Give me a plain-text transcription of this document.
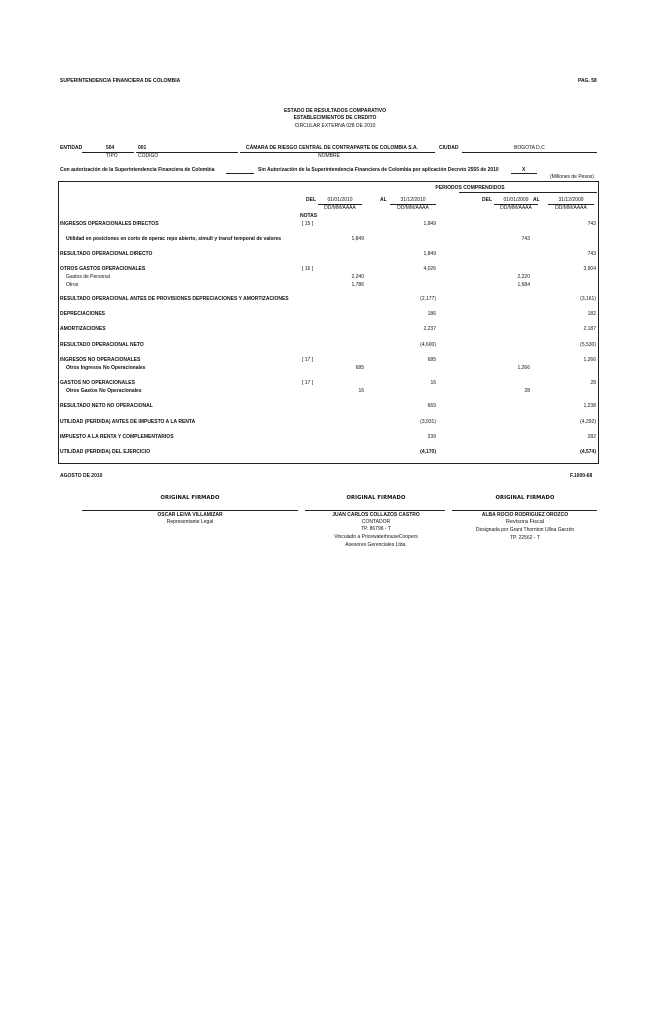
SUPERINTENDENCIA FINANCIERA DE COLOMBIA	PAG. 58
ESTADO DE RESULTADOS COMPARATIVO
ESTABLECIMIENTOS DE CREDITO
CIRCULAR EXTERNA 028 DE 2010
ENTIDAD	504	001	CÁMARA DE RIESGO CENTRAL DE CONTRAPARTE DE COLOMBIA S.A.	CIUDAD	BOGOTA D.C
TIPO	CODIGO	NOMBRE
Con autorización de la Superintendencia Financiera de Colombia	Sin Autorización de la Superintendencia Financiera de Colombia por aplicación Decreto 2555 de 2010	X
(Millones de Pesos)
PERIODOS COMPRENDIDOS
DEL	01/01/2010	AL	31/12/2010	DEL	01/01/2009 AL	31/12/2009
DD/MM/AAAA	DD/MM/AAAA	DD/MM/AAAA	DD/MM/AAAA
NOTAS
INGRESOS OPERACIONALES DIRECTOS	[ 15 ]	1,849	743
Utilidad en posiciones en corto de operac repo abierto, simult y transf temporal de valores	1,849	743
RESULTADO OPERACIONAL DIRECTO	1,849	743
OTROS GASTOS OPERACIONALES	[ 16 ]	4,026	3,904
Gastos de Personal	2,240	2,220
Otros	1,786	1,684
RESULTADO OPERACIONAL ANTES DE PROVISIONES DEPRECIACIONES Y AMORTIZACIONES	(2,177)	(3,161)
DEPRECIACIONES	186	182
AMORTIZACIONES	2,237	2,187
RESULTADO OPERACIONAL NETO	(4,600)	(5,530)
INGRESOS NO OPERACIONALES	[ 17 ]	685	1,266
Otros Ingresos No Operacionales	685	1,266
GASTOS NO OPERACIONALES	[ 17 ]	16	28
Otros Gastos No Operacionales	16	28
RESULTADO NETO NO OPERACIONAL	669	1,238
UTILIDAD (PERDIDA) ANTES DE IMPUESTO A LA RENTA	(3,931)	(4,292)
IMPUESTO A LA RENTA Y COMPLEMENTARIOS	239	282
UTILIDAD (PERDIDA) DEL EJERCICIO	(4,170)	(4,574)
AGOSTO DE 2010	F.1000-68
ORIGINAL FIRMADO	ORIGINAL FIRMADO	ORIGINAL FIRMADO
OSCAR LEIVA VILLAMIZAR
Representante Legal
JUAN CARLOS COLLAZOS CASTRO
CONTADOR
TP. 86796 - T
Vinculado a PricewaterhouseCoopers
Asesores Gerenciales Ltda.
ALBA ROCIO RODRIGUEZ OROZCO
Revisora Fiscal
Designada por Grant Thornton Ulloa Garzón
TP. 22562 - T
